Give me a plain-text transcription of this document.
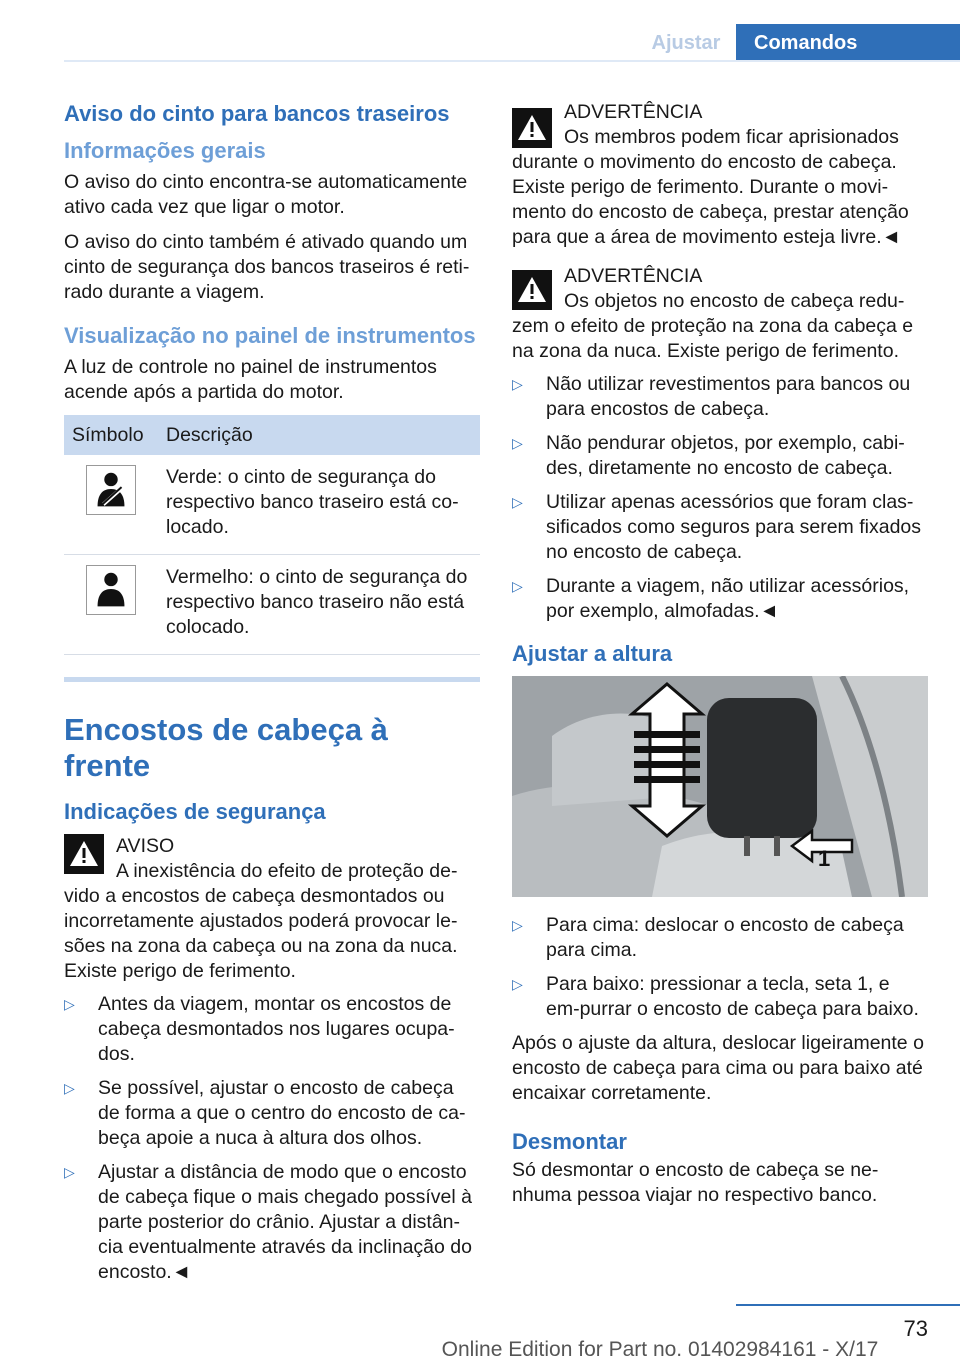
Ajustar	Comandos
Aviso do cinto para bancos traseiros
Informações gerais

O aviso do cinto encontra-se automaticamente ativo cada vez que ligar o motor.

O aviso do cinto também é ativado quando um cinto de segurança dos bancos traseiros é reti-rado durante a viagem.

Visualização no painel de instrumentos

A luz de controle no painel de instrumentos acende após a partida do motor.

Símbolo	Descrição

	Verde: o cinto de segurança do respectivo banco traseiro está co-locado.

	Vermelho: o cinto de segurança do respectivo banco traseiro não está colocado.
Encostos de cabeça à frente
Indicações de segurança
AVISO
A inexistência do efeito de proteção de-
vido a encostos de cabeça desmontados ou incorretamente ajustados poderá provocar le-sões na zona da cabeça ou na zona da nuca. Existe perigo de ferimento.
▷ Antes da viagem, montar os encostos de cabeça desmontados nos lugares ocupa-dos.
▷ Se possível, ajustar o encosto de cabeça de forma a que o centro do encosto de ca-beça apoie a nuca à altura dos olhos.
▷ Ajustar a distância de modo que o encosto de cabeça fique o mais chegado possível à parte posterior do crânio. Ajustar a distân-cia eventualmente através da inclinação do encosto.◄
ADVERTÊNCIA
Os membros podem ficar aprisionados
durante o movimento do encosto de cabeça. Existe perigo de ferimento. Durante o movi-mento do encosto de cabeça, prestar atenção para que a área de movimento esteja livre.◄
ADVERTÊNCIA
Os objetos no encosto de cabeça redu-
zem o efeito de proteção na zona da cabeça e na zona da nuca. Existe perigo de ferimento.
▷ Não utilizar revestimentos para bancos ou para encostos de cabeça.
▷ Não pendurar objetos, por exemplo, cabi-des, diretamente no encosto de cabeça.
▷ Utilizar apenas acessórios que foram clas-sificados como seguros para serem fixados no encosto de cabeça.
▷ Durante a viagem, não utilizar acessórios, por exemplo, almofadas.◄
Ajustar a altura
1
▷ Para cima: deslocar o encosto de cabeça para cima.
▷ Para baixo: pressionar a tecla, seta 1, e em-purrar o encosto de cabeça para baixo.

Após o ajuste da altura, deslocar ligeiramente o encosto de cabeça para cima ou para baixo até encaixar corretamente.

Desmontar

Só desmontar o encosto de cabeça se ne-nhuma pessoa viajar no respectivo banco.

73
Online Edition for Part no. 01402984161 - X/17
